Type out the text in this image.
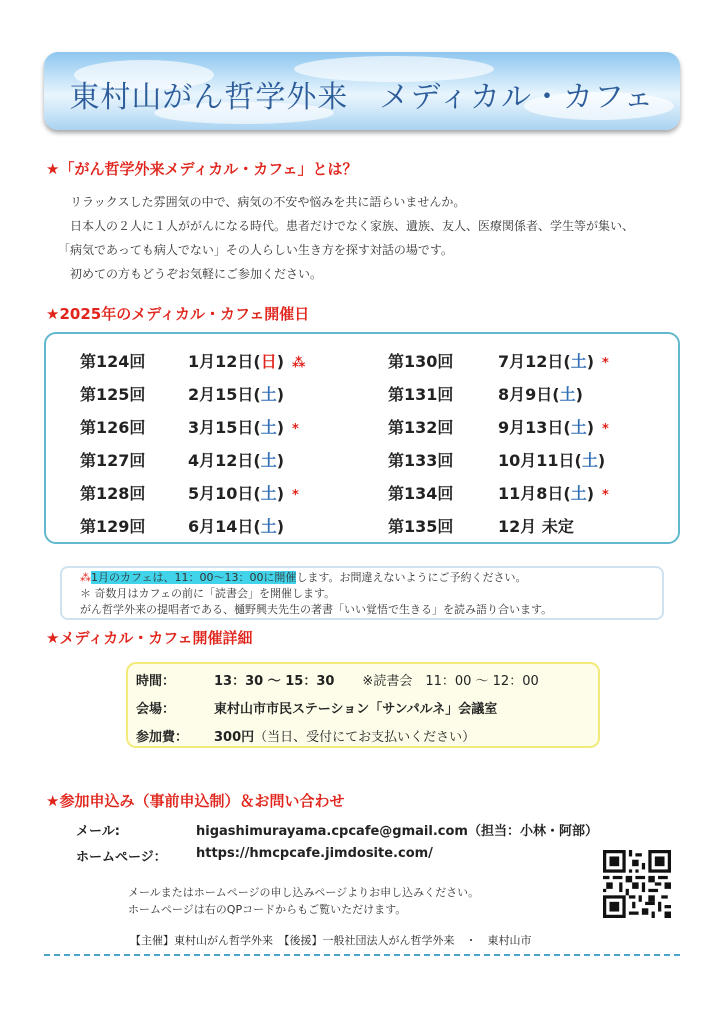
東村山がん哲学外来　メディカル・カフェ
★「がん哲学外来メディカル・カフェ」とは？
リラックスした雰囲気の中で、病気の不安や悩みを共に語らいませんか。
日本人の２人に１人ががんになる時代。患者だけでなく家族、遺族、友人、医療関係者、学生等が集い、
「病気であっても病人でない」その人らしい生き方を探す対話の場です。
初めての方もどうぞお気軽にご参加ください。
★2025年のメディカル・カフェ開催日
第124回	1月12日(日) ⁂
第125回	2月15日(土)
第126回	3月15日(土) *
第127回	4月12日(土)
第128回	5月10日(土) *
第129回	6月14日(土)
第130回	7月12日(土) *
第131回	8月9日(土)
第132回	9月13日(土) *
第133回	10月11日(土)
第134回	11月8日(土) *
第135回	12月 未定
⁂1月のカフェは、11：00〜13：00に開催します。お問違えないようにご予約ください。
＊ 奇数月はカフェの前に「読書会」を開催します。
がん哲学外来の提唱者である、樋野興夫先生の著書「いい覚悟で生きる」を読み語り合います。
★メディカル・カフェ開催詳細
時間：	13：30 〜 15：30 ※読書会　11：00 〜 12：00
会場：	東村山市市民ステーション「サンパルネ」会議室
参加費： 300円（当日、受付にてお支払いください）
★参加申込み（事前申込制）＆お問い合わせ
メール:	higashimurayama.cpcafe@gmail.com（担当：小林・阿部）
ホームページ： https://hmcpcafe.jimdosite.com/
メールまたはホームページの申し込みページよりお申し込みください。
ホームページは右のQPコードからもご覧いただけます。
【主催】東村山がん哲学外来　【後援】一般社団法人がん哲学外来　・　東村山市
